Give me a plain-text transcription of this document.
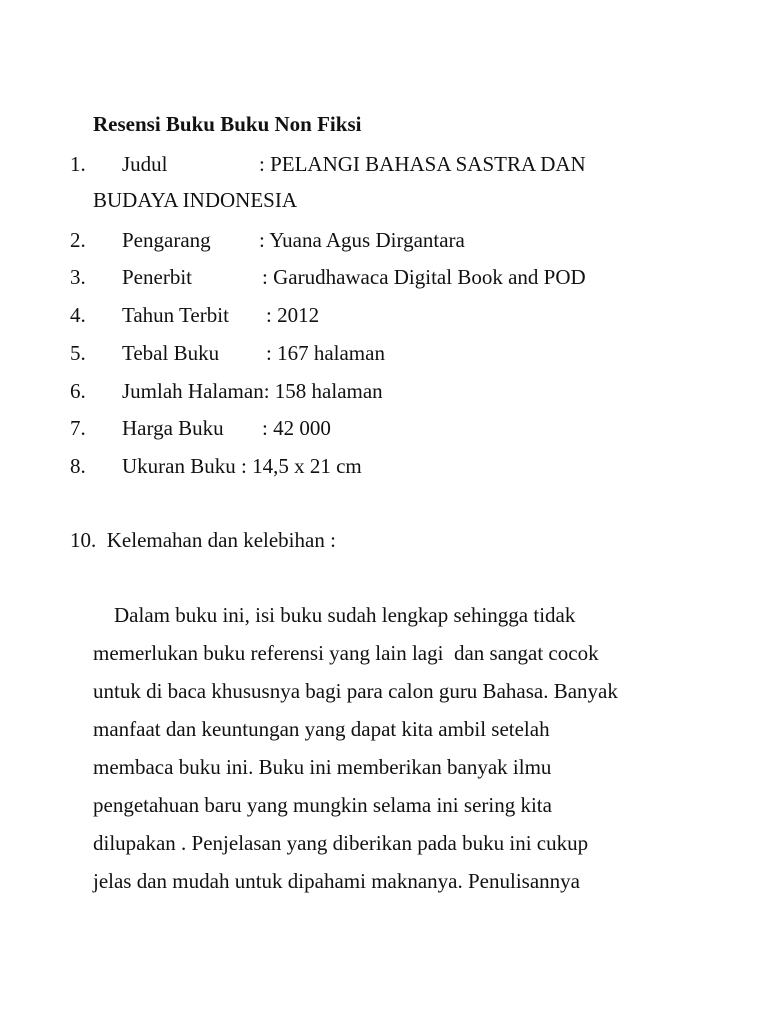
Resensi Buku Buku Non Fiksi
1. Judul	: PELANGI BAHASA SASTRA DAN
BUDAYA INDONESIA
2. Pengarang : Yuana Agus Dirgantara
3. Penerbit	: Garudhawaca Digital Book and POD
4. Tahun Terbit : 2012
5. Tebal Buku : 167 halaman
6. Jumlah Halaman: 158 halaman
7. Harga Buku : 42 000
8. Ukuran Buku : 14,5 x 21 cm
10.  Kelemahan dan kelebihan :
Dalam buku ini, isi buku sudah lengkap sehingga tidak
memerlukan buku referensi yang lain lagi  dan sangat cocok
untuk di baca khususnya bagi para calon guru Bahasa. Banyak
manfaat dan keuntungan yang dapat kita ambil setelah
membaca buku ini. Buku ini memberikan banyak ilmu
pengetahuan baru yang mungkin selama ini sering kita
dilupakan . Penjelasan yang diberikan pada buku ini cukup
jelas dan mudah untuk dipahami maknanya. Penulisannya
